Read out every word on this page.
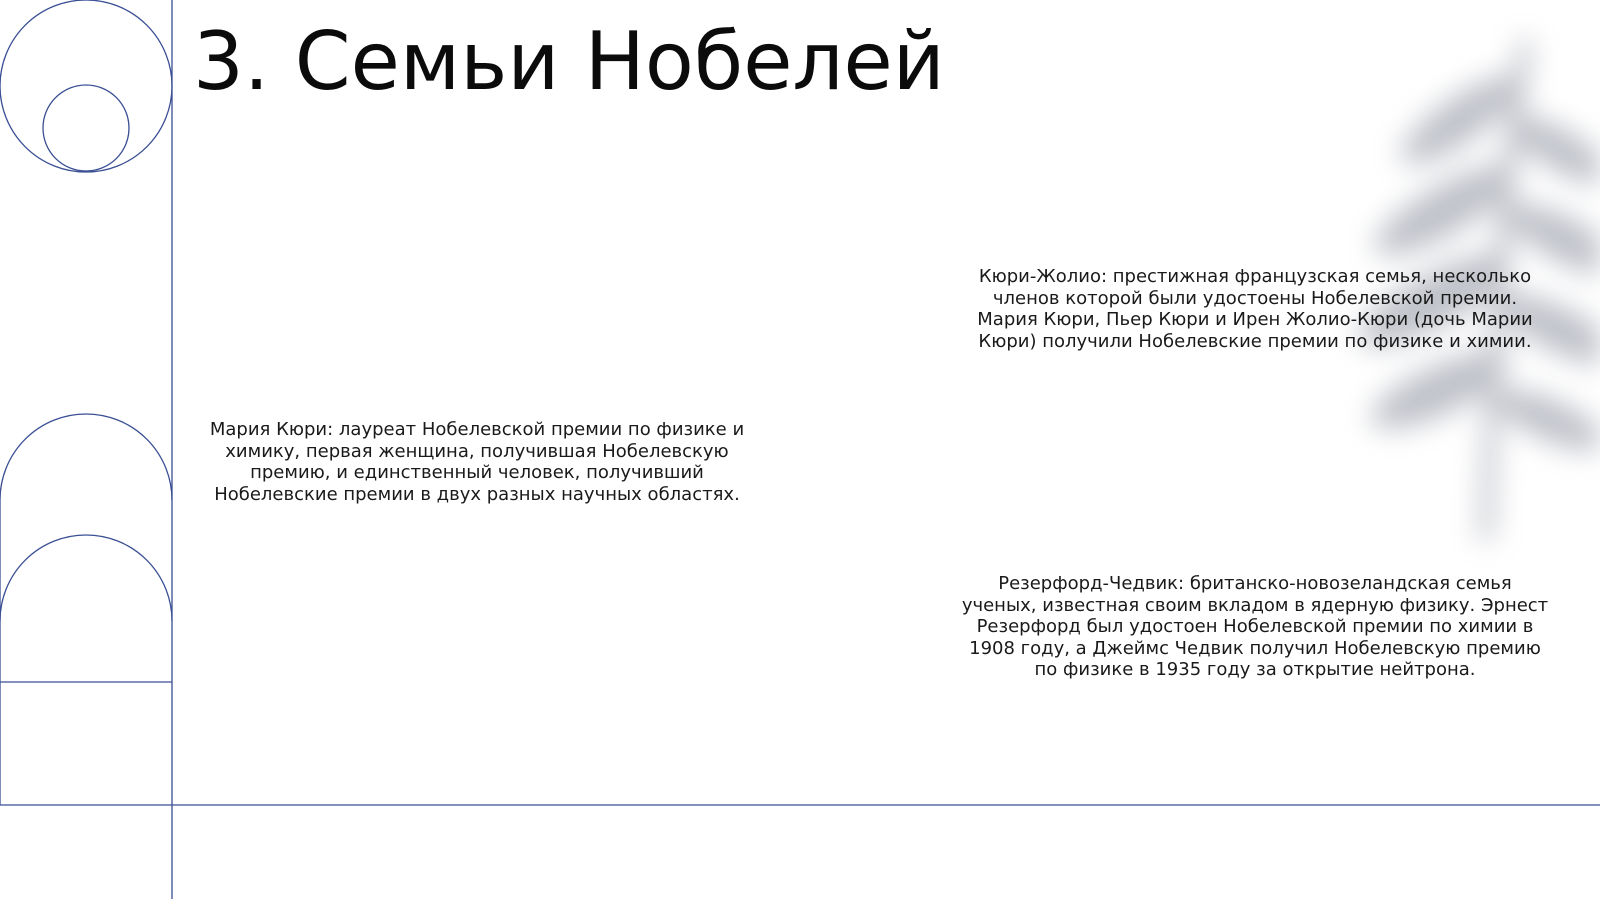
3. Семьи Нобелей

Мария Кюри: лауреат Нобелевской премии по физике и химику, первая женщина, получившая Нобелевскую премию, и единственный человек, получивший Нобелевские премии в двух разных научных областях.

Кюри-Жолио: престижная французская семья, несколько членов которой были удостоены Нобелевской премии. Мария Кюри, Пьер Кюри и Ирен Жолио-Кюри (дочь Марии Кюри) получили Нобелевские премии по физике и химии.

Резерфорд-Чедвик: британско-новозеландская семья ученых, известная своим вкладом в ядерную физику. Эрнест Резерфорд был удостоен Нобелевской премии по химии в 1908 году, а Джеймс Чедвик получил Нобелевскую премию по физике в 1935 году за открытие нейтрона.
